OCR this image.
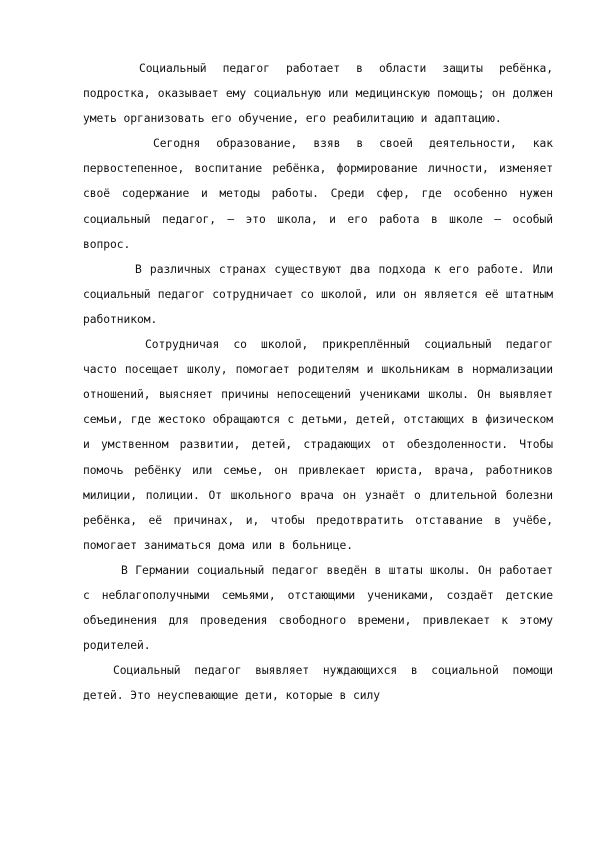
Социальный педагог работает в области защиты ребёнка, подростка, оказывает ему социальную или медицинскую помощь; он должен уметь организовать его обучение, его реабилитацию и адаптацию.

Сегодня образование, взяв в своей деятельности, как первостепенное, воспитание ребёнка, формирование личности, изменяет своё содержание и методы работы. Среди сфер, где особенно нужен социальный педагог, – это школа, и его работа в школе – особый вопрос.

В различных странах существуют два подхода к его работе. Или социальный педагог сотрудничает со школой, или он является её штатным работником.

Сотрудничая со школой, прикреплённый социальный педагог часто посещает школу, помогает родителям и школьникам в нормализации отношений, выясняет причины непосещений учениками школы. Он выявляет семьи, где жестоко обращаются с детьми, детей, отстающих в физическом и умственном развитии, детей, страдающих от обездоленности. Чтобы помочь ребёнку или семье, он привлекает юриста, врача, работников милиции, полиции. От школьного врача он узнаёт о длительной болезни ребёнка, её причинах, и, чтобы предотвратить отставание в учёбе, помогает заниматься дома или в больнице.

В Германии социальный педагог введён в штаты школы. Он работает с неблагополучными семьями, отстающими учениками, создаёт детские объединения для проведения свободного времени, привлекает к этому родителей.

Социальный педагог выявляет нуждающихся в социальной помощи детей. Это неуспевающие дети, которые в силу
